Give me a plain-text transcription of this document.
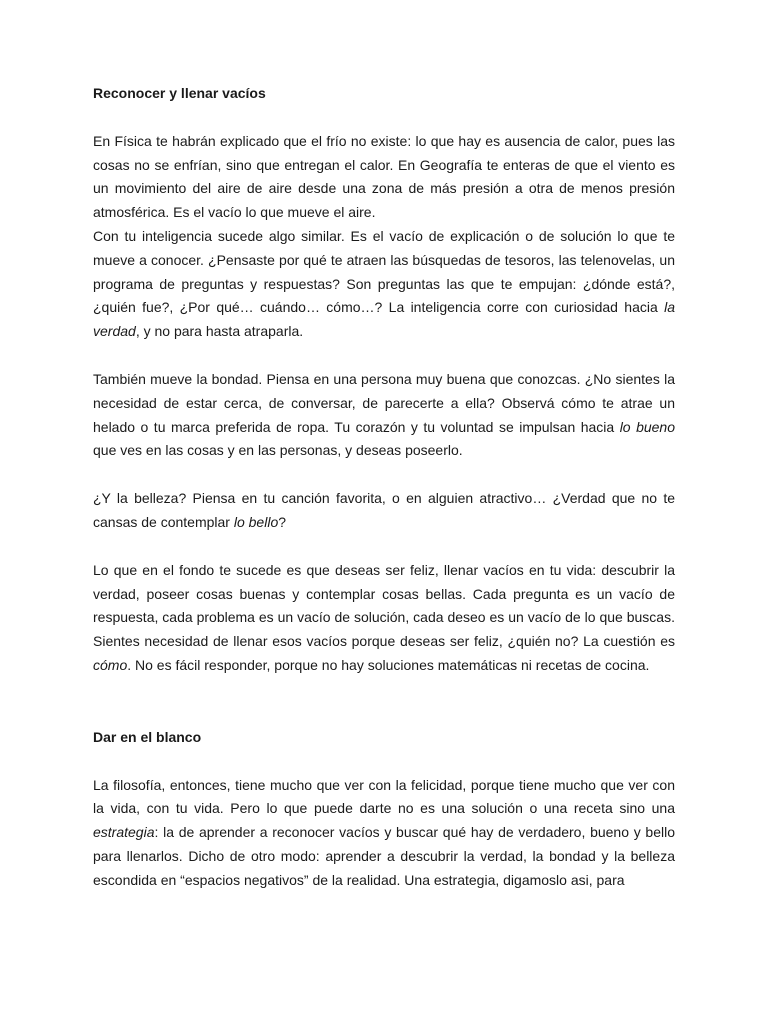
Reconocer y llenar vacíos

En Física te habrán explicado que el frío no existe: lo que hay es ausencia de calor, pues las cosas no se enfrían, sino que entregan el calor. En Geografía te enteras de que el viento es un movimiento del aire de aire desde una zona de más presión a otra de menos presión atmosférica. Es el vacío lo que mueve el aire.

Con tu inteligencia sucede algo similar. Es el vacío de explicación o de solución lo que te mueve a conocer. ¿Pensaste por qué te atraen las búsquedas de tesoros, las telenovelas, un programa de preguntas y respuestas? Son preguntas las que te empujan: ¿dónde está?, ¿quién fue?, ¿Por qué… cuándo… cómo…? La inteligencia corre con curiosidad hacia la verdad, y no para hasta atraparla.

También mueve la bondad. Piensa en una persona muy buena que conozcas. ¿No sientes la necesidad de estar cerca, de conversar, de parecerte a ella? Observá cómo te atrae un helado o tu marca preferida de ropa. Tu corazón y tu voluntad se impulsan hacia lo bueno que ves en las cosas y en las personas, y deseas poseerlo.

¿Y la belleza? Piensa en tu canción favorita, o en alguien atractivo… ¿Verdad que no te cansas de contemplar lo bello?

Lo que en el fondo te sucede es que deseas ser feliz, llenar vacíos en tu vida: descubrir la verdad, poseer cosas buenas y contemplar cosas bellas. Cada pregunta es un vacío de respuesta, cada problema es un vacío de solución, cada deseo es un vacío de lo que buscas. Sientes necesidad de llenar esos vacíos porque deseas ser feliz, ¿quién no? La cuestión es cómo. No es fácil responder, porque no hay soluciones matemáticas ni recetas de cocina.

Dar en el blanco

La filosofía, entonces, tiene mucho que ver con la felicidad, porque tiene mucho que ver con la vida, con tu vida. Pero lo que puede darte no es una solución o una receta sino una estrategia: la de aprender a reconocer vacíos y buscar qué hay de verdadero, bueno y bello para llenarlos. Dicho de otro modo: aprender a descubrir la verdad, la bondad y la belleza escondida en “espacios negativos” de la realidad. Una estrategia, digamoslo asi, para
